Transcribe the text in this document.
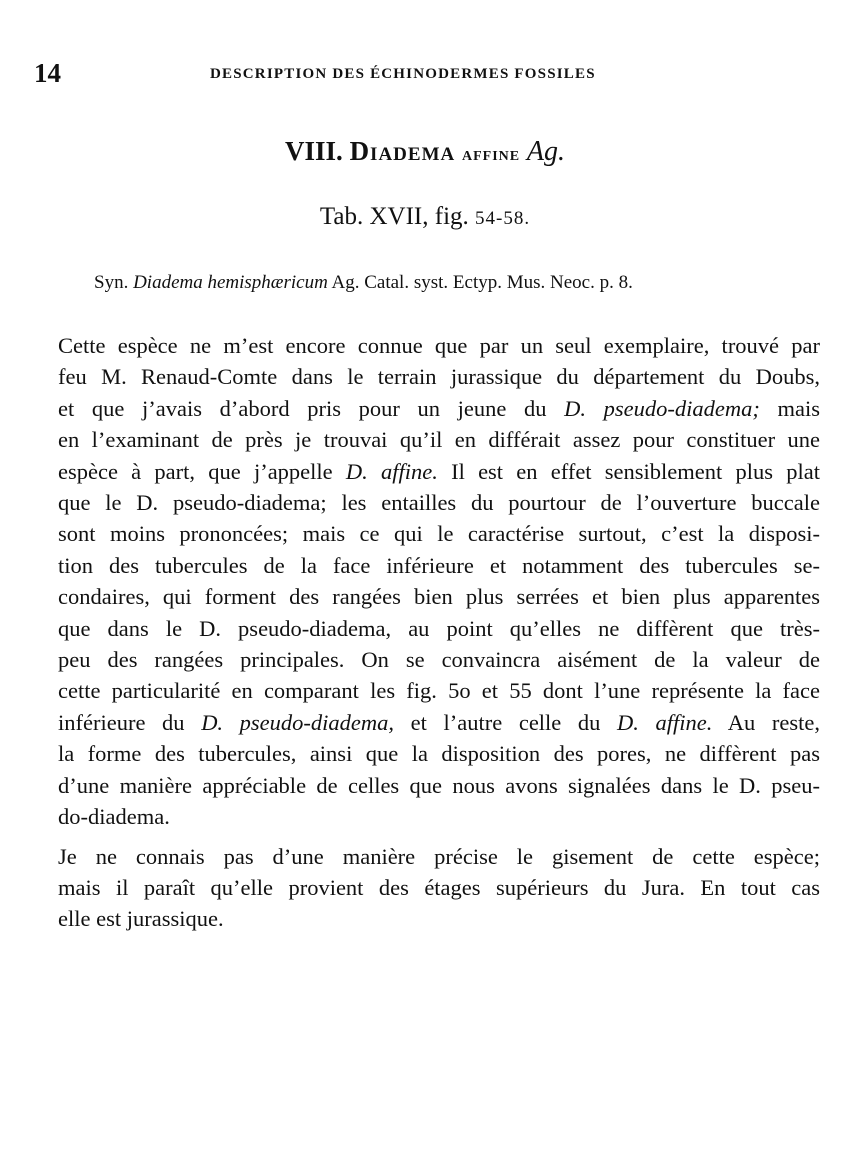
14	DESCRIPTION DES ÉCHINODERMES FOSSILES
VIII. Diadema affine Ag.
Tab. XVII, fig. 54-58.
Syn. Diadema hemisphæricum Ag. Catal. syst. Ectyp. Mus. Neoc. p. 8.

Cette espèce ne m’est encore connue que par un seul exemplaire, trouvé par
feu M. Renaud-Comte dans le terrain jurassique du département du Doubs,
et que j’avais d’abord pris pour un jeune du D. pseudo-diadema; mais
en l’examinant de près je trouvai qu’il en différait assez pour constituer une
espèce à part, que j’appelle D. affine. Il est en effet sensiblement plus plat
que le D. pseudo-diadema; les entailles du pourtour de l’ouverture buccale
sont moins prononcées; mais ce qui le caractérise surtout, c’est la disposi-
tion des tubercules de la face inférieure et notamment des tubercules se-
condaires, qui forment des rangées bien plus serrées et bien plus apparentes
que dans le D. pseudo-diadema, au point qu’elles ne diffèrent que très-
peu des rangées principales. On se convaincra aisément de la valeur de
cette particularité en comparant les fig. 5o et 55 dont l’une représente la face
inférieure du D. pseudo-diadema, et l’autre celle du D. affine. Au reste,
la forme des tubercules, ainsi que la disposition des pores, ne diffèrent pas
d’une manière appréciable de celles que nous avons signalées dans le D. pseu-
do-diadema.

Je ne connais pas d’une manière précise le gisement de cette espèce;
mais il paraît qu’elle provient des étages supérieurs du Jura. En tout cas
elle est jurassique.
